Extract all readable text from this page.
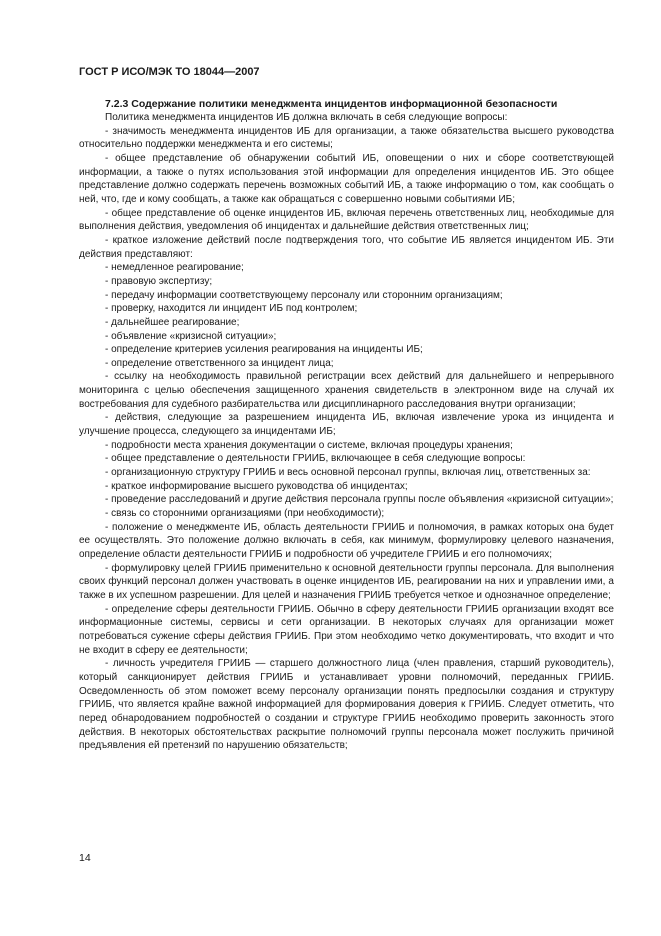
ГОСТ Р ИСО/МЭК ТО 18044—2007
7.2.3 Содержание политики менеджмента инцидентов информационной безопасности

Политика менеджмента инцидентов ИБ должна включать в себя следующие вопросы:

- значимость менеджмента инцидентов ИБ для организации, а также обязательства высшего руководства относительно поддержки менеджмента и его системы;

- общее представление об обнаружении событий ИБ, оповещении о них и сборе соответствующей информации, а также о путях использования этой информации для определения инцидентов ИБ. Это общее представление должно содержать перечень возможных событий ИБ, а также информацию о том, как сообщать о ней, что, где и кому сообщать, а также как обращаться с совершенно новыми событиями ИБ;

- общее представление об оценке инцидентов ИБ, включая перечень ответственных лиц, необходимые для выполнения действия, уведомления об инцидентах и дальнейшие действия ответственных лиц;

- краткое изложение действий после подтверждения того, что событие ИБ является инцидентом ИБ. Эти действия представляют:

- немедленное реагирование;

- правовую экспертизу;

- передачу информации соответствующему персоналу или сторонним организациям;

- проверку, находится ли инцидент ИБ под контролем;

- дальнейшее реагирование;

- объявление «кризисной ситуации»;

- определение критериев усиления реагирования на инциденты ИБ;

- определение ответственного за инцидент лица;

- ссылку на необходимость правильной регистрации всех действий для дальнейшего и непрерывного мониторинга с целью обеспечения защищенного хранения свидетельств в электронном виде на случай их востребования для судебного разбирательства или дисциплинарного расследования внутри организации;

- действия, следующие за разрешением инцидента ИБ, включая извлечение урока из инцидента и улучшение процесса, следующего за инцидентами ИБ;

- подробности места хранения документации о системе, включая процедуры хранения;

- общее представление о деятельности ГРИИБ, включающее в себя следующие вопросы:

- организационную структуру ГРИИБ и весь основной персонал группы, включая лиц, ответственных за:

- краткое информирование высшего руководства об инцидентах;

- проведение расследований и другие действия персонала группы после объявления «кризисной ситуации»;

- связь со сторонними организациями (при необходимости);

- положение о менеджменте ИБ, область деятельности ГРИИБ и полномочия, в рамках которых она будет ее осуществлять. Это положение должно включать в себя, как минимум, формулировку целевого назначения, определение области деятельности ГРИИБ и подробности об учредителе ГРИИБ и его полномочиях;

- формулировку целей ГРИИБ применительно к основной деятельности группы персонала. Для выполнения своих функций персонал должен участвовать в оценке инцидентов ИБ, реагировании на них и управлении ими, а также в их успешном разрешении. Для целей и назначения ГРИИБ требуется четкое и однозначное определение;

- определение сферы деятельности ГРИИБ. Обычно в сферу деятельности ГРИИБ организации входят все информационные системы, сервисы и сети организации. В некоторых случаях для организации может потребоваться сужение сферы действия ГРИИБ. При этом необходимо четко документировать, что входит и что не входит в сферу ее деятельности;

- личность учредителя ГРИИБ — старшего должностного лица (член правления, старший руководитель), который санкционирует действия ГРИИБ и устанавливает уровни полномочий, переданных ГРИИБ. Осведомленность об этом поможет всему персоналу организации понять предпосылки создания и структуру ГРИИБ, что является крайне важной информацией для формирования доверия к ГРИИБ. Следует отметить, что перед обнародованием подробностей о создании и структуре ГРИИБ необходимо проверить законность этого действия. В некоторых обстоятельствах раскрытие полномочий группы персонала может послужить причиной предъявления ей претензий по нарушению обязательств;

14
